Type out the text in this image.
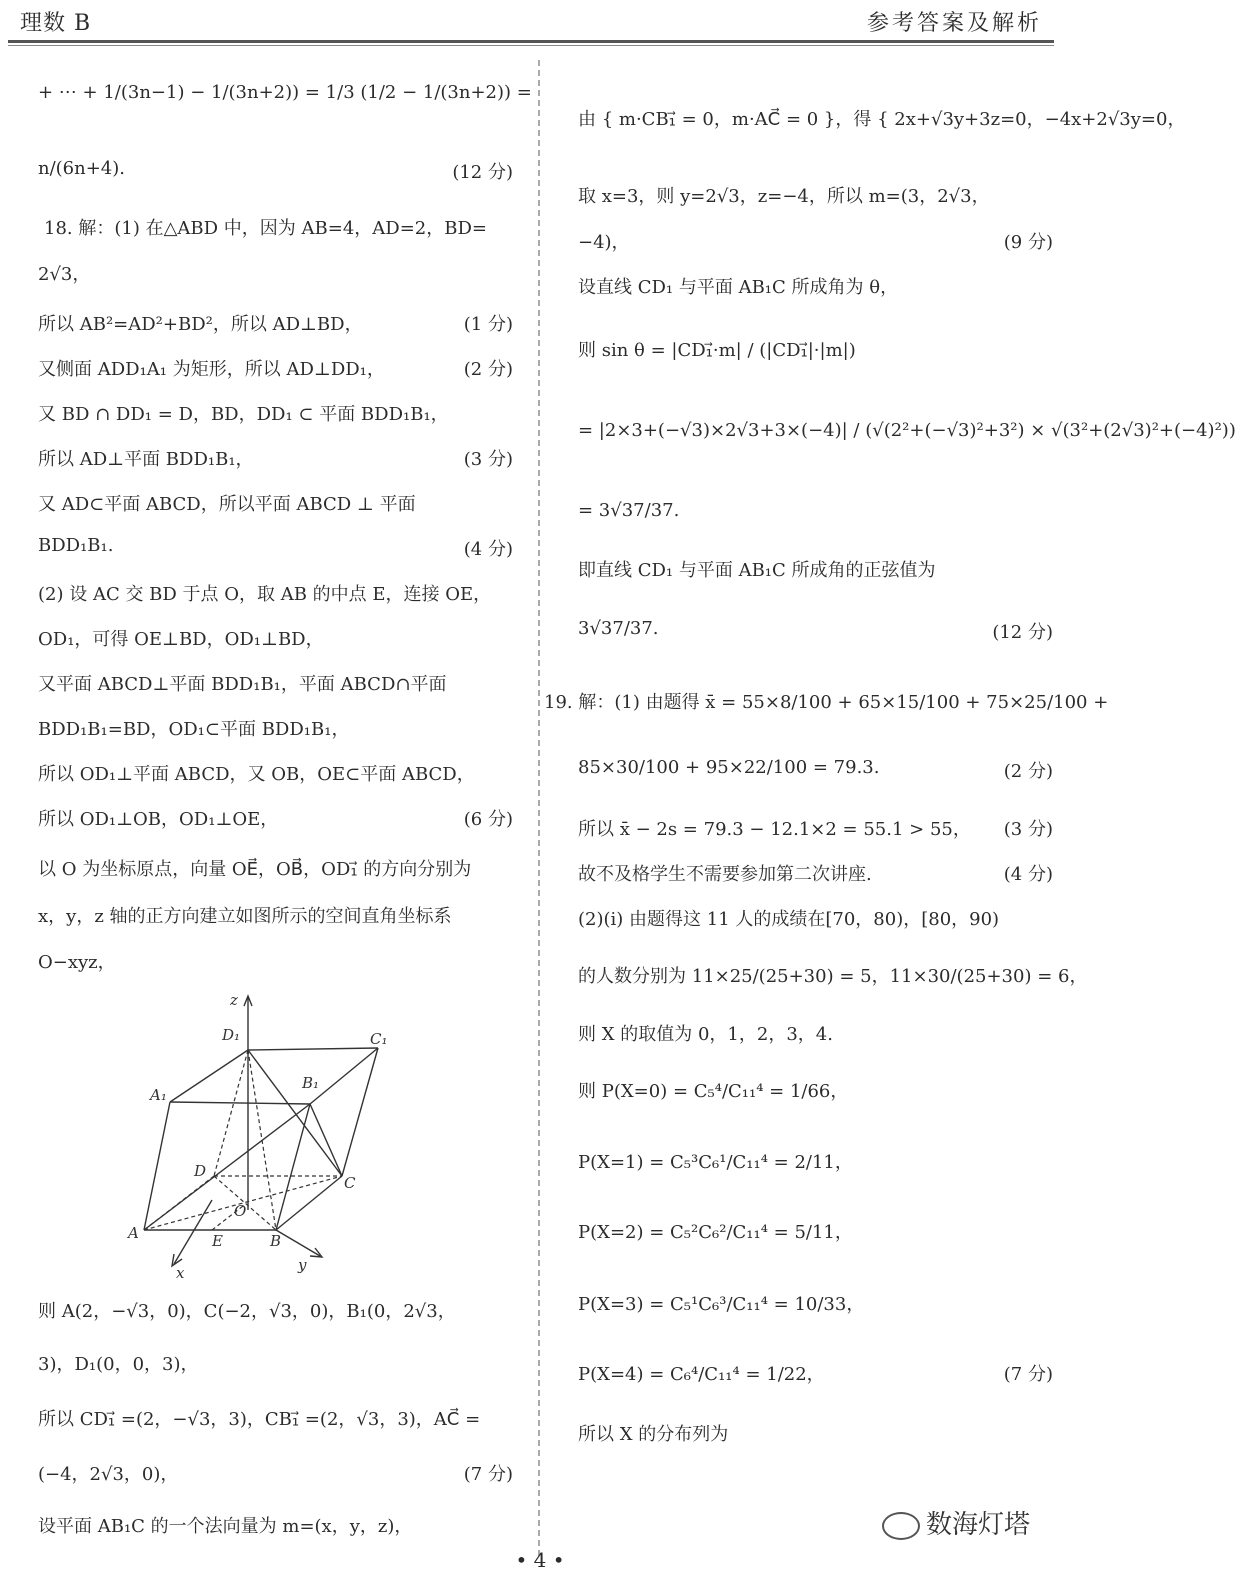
理数 B	参考答案及解析
+ ⋯ + 1/(3n−1) − 1/(3n+2)) = 1/3 (1/2 − 1/(3n+2)) =
n/(6n+4).	(12 分)
18. 解：(1) 在△ABD 中，因为 AB=4，AD=2，BD=
2√3，
所以 AB²=AD²+BD²，所以 AD⊥BD，	(1 分)
又侧面 ADD₁A₁ 为矩形，所以 AD⊥DD₁，	(2 分)
又 BD ∩ DD₁ = D，BD，DD₁ ⊂ 平面 BDD₁B₁，
所以 AD⊥平面 BDD₁B₁，	(3 分)
又 AD⊂平面 ABCD，所以平面 ABCD ⊥ 平面
BDD₁B₁.	(4 分)
(2) 设 AC 交 BD 于点 O，取 AB 的中点 E，连接 OE，
OD₁，可得 OE⊥BD，OD₁⊥BD，
又平面 ABCD⊥平面 BDD₁B₁，平面 ABCD∩平面
BDD₁B₁=BD，OD₁⊂平面 BDD₁B₁，
所以 OD₁⊥平面 ABCD，又 OB，OE⊂平面 ABCD，
所以 OD₁⊥OB，OD₁⊥OE，	(6 分)
以 O 为坐标原点，向量 OE⃗，OB⃗，OD₁⃗ 的方向分别为
x，y，z 轴的正方向建立如图所示的空间直角坐标系
O−xyz，
则 A(2，−√3，0)，C(−2，√3，0)，B₁(0，2√3，
3)，D₁(0，0，3)，
所以 CD₁⃗ =(2，−√3，3)，CB₁⃗ =(2，√3，3)，AC⃗ =
(−4，2√3，0)，	(7 分)
设平面 AB₁C 的一个法向量为 m=(x，y，z)，
由 { m·CB₁⃗ = 0，m·AC⃗ = 0 }，得 { 2x+√3y+3z=0，−4x+2√3y=0，
取 x=3，则 y=2√3，z=−4，所以 m=(3，2√3，
−4)，	(9 分)
设直线 CD₁ 与平面 AB₁C 所成角为 θ，
则 sin θ = |CD₁⃗·m| / (|CD₁⃗|·|m|)
= |2×3+(−√3)×2√3+3×(−4)| / (√(2²+(−√3)²+3²) × √(3²+(2√3)²+(−4)²))
= 3√37/37.
即直线 CD₁ 与平面 AB₁C 所成角的正弦值为
3√37/37.	(12 分)
19. 解：(1) 由题得 x̄ = 55×8/100 + 65×15/100 + 75×25/100 +
85×30/100 + 95×22/100 = 79.3.	(2 分)
所以 x̄ − 2s = 79.3 − 12.1×2 = 55.1 > 55， (3 分)
故不及格学生不需要参加第二次讲座.	(4 分)
(2)(ⅰ) 由题得这 11 人的成绩在[70，80)，[80，90)
的人数分别为 11×25/(25+30) = 5，11×30/(25+30) = 6，
则 X 的取值为 0，1，2，3，4.
则 P(X=0) = C₅⁴/C₁₁⁴ = 1/66，
P(X=1) = C₅³C₆¹/C₁₁⁴ = 2/11，
P(X=2) = C₅²C₆²/C₁₁⁴ = 5/11，
P(X=3) = C₅¹C₆³/C₁₁⁴ = 10/33，
P(X=4) = C₆⁴/C₁₁⁴ = 1/22，	(7 分)
所以 X 的分布列为
z
D₁	C₁
A₁
B₁
D
C
O
A	E	B
x	y
数海灯塔
• 4 •
